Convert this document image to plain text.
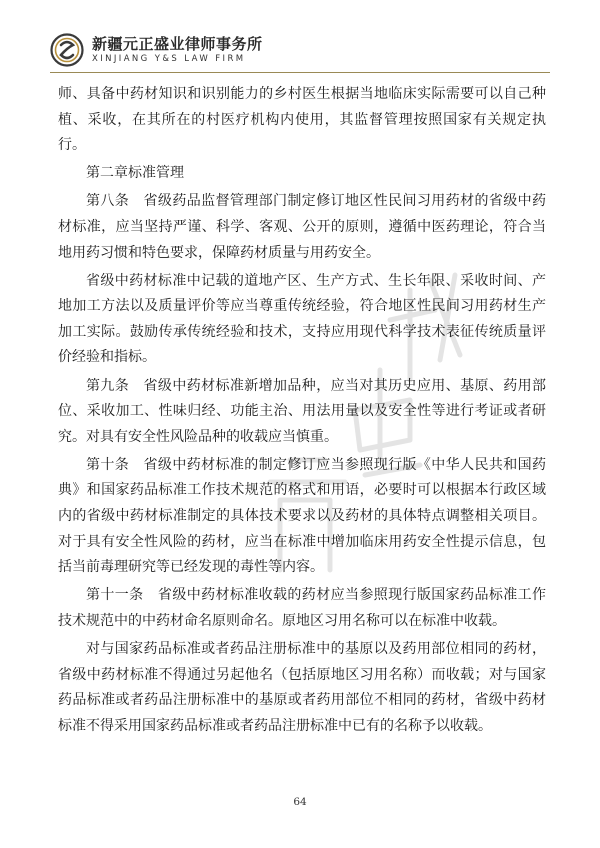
新疆元正盛业律师事务所
XINJIANG Y&S LAW FIRM

师、具备中药材知识和识别能力的乡村医生根据当地临床实际需要可以自己种植、采收，在其所在的村医疗机构内使用，其监督管理按照国家有关规定执行。

第二章标准管理

第八条　省级药品监督管理部门制定修订地区性民间习用药材的省级中药材标准，应当坚持严谨、科学、客观、公开的原则，遵循中医药理论，符合当地用药习惯和特色要求，保障药材质量与用药安全。

省级中药材标准中记载的道地产区、生产方式、生长年限、采收时间、产地加工方法以及质量评价等应当尊重传统经验，符合地区性民间习用药材生产加工实际。鼓励传承传统经验和技术，支持应用现代科学技术表征传统质量评价经验和指标。

第九条　省级中药材标准新增加品种，应当对其历史应用、基原、药用部位、采收加工、性味归经、功能主治、用法用量以及安全性等进行考证或者研究。对具有安全性风险品种的收载应当慎重。

第十条　省级中药材标准的制定修订应当参照现行版《中华人民共和国药典》和国家药品标准工作技术规范的格式和用语，必要时可以根据本行政区域内的省级中药材标准制定的具体技术要求以及药材的具体特点调整相关项目。对于具有安全性风险的药材，应当在标准中增加临床用药安全性提示信息，包括当前毒理研究等已经发现的毒性等内容。

第十一条　省级中药材标准收载的药材应当参照现行版国家药品标准工作技术规范中的中药材命名原则命名。原地区习用名称可以在标准中收载。

对与国家药品标准或者药品注册标准中的基原以及药用部位相同的药材，省级中药材标准不得通过另起他名（包括原地区习用名称）而收载；对与国家药品标准或者药品注册标准中的基原或者药用部位不相同的药材，省级中药材标准不得采用国家药品标准或者药品注册标准中已有的名称予以收载。

64
